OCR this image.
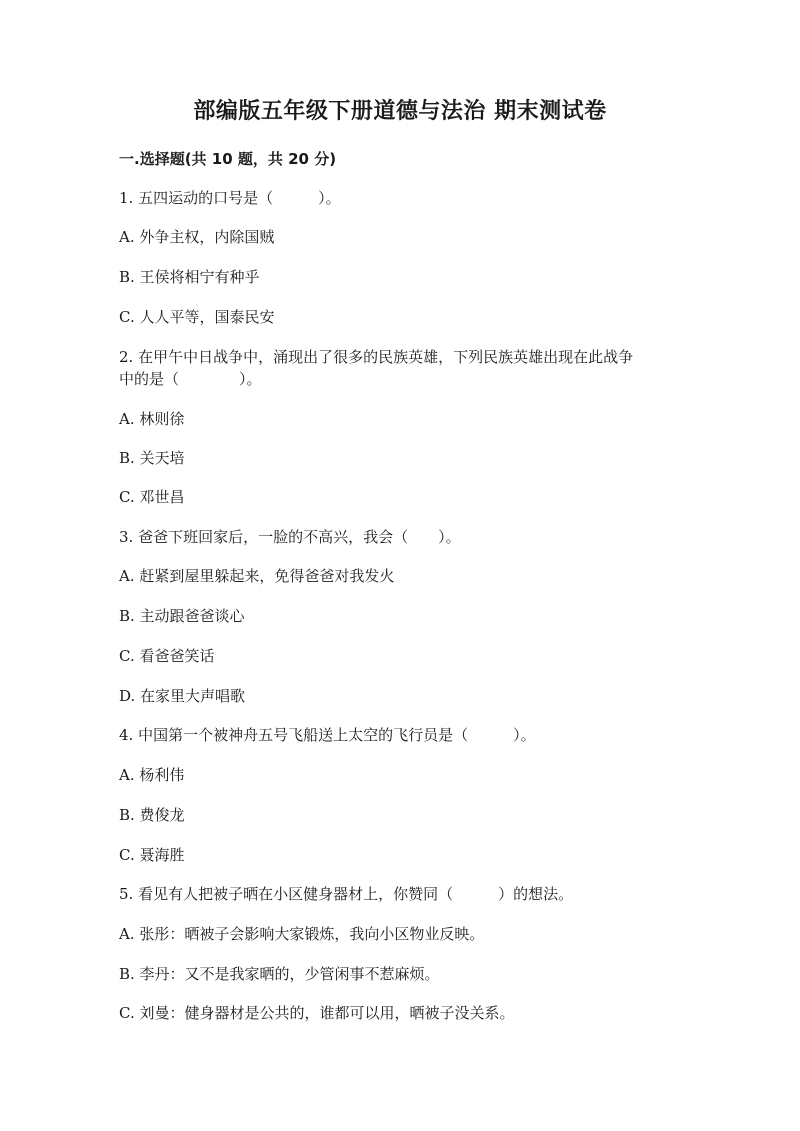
部编版五年级下册道德与法治 期末测试卷
一.选择题(共 10 题，共 20 分)
1. 五四运动的口号是（　　　）。
A. 外争主权，内除国贼
B. 王侯将相宁有种乎
C. 人人平等，国泰民安
2. 在甲午中日战争中，涌现出了很多的民族英雄，下列民族英雄出现在此战争
中的是（　　　　）。
A. 林则徐
B. 关天培
C. 邓世昌
3. 爸爸下班回家后，一脸的不高兴，我会（　　）。
A. 赶紧到屋里躲起来，免得爸爸对我发火
B. 主动跟爸爸谈心
C. 看爸爸笑话
D. 在家里大声唱歌
4. 中国第一个被神舟五号飞船送上太空的飞行员是（　　　）。
A. 杨利伟
B. 费俊龙
C. 聂海胜
5. 看见有人把被子晒在小区健身器材上，你赞同（　　　）的想法。
A. 张彤：晒被子会影响大家锻炼，我向小区物业反映。
B. 李丹：又不是我家晒的，少管闲事不惹麻烦。
C. 刘曼：健身器材是公共的，谁都可以用，晒被子没关系。
